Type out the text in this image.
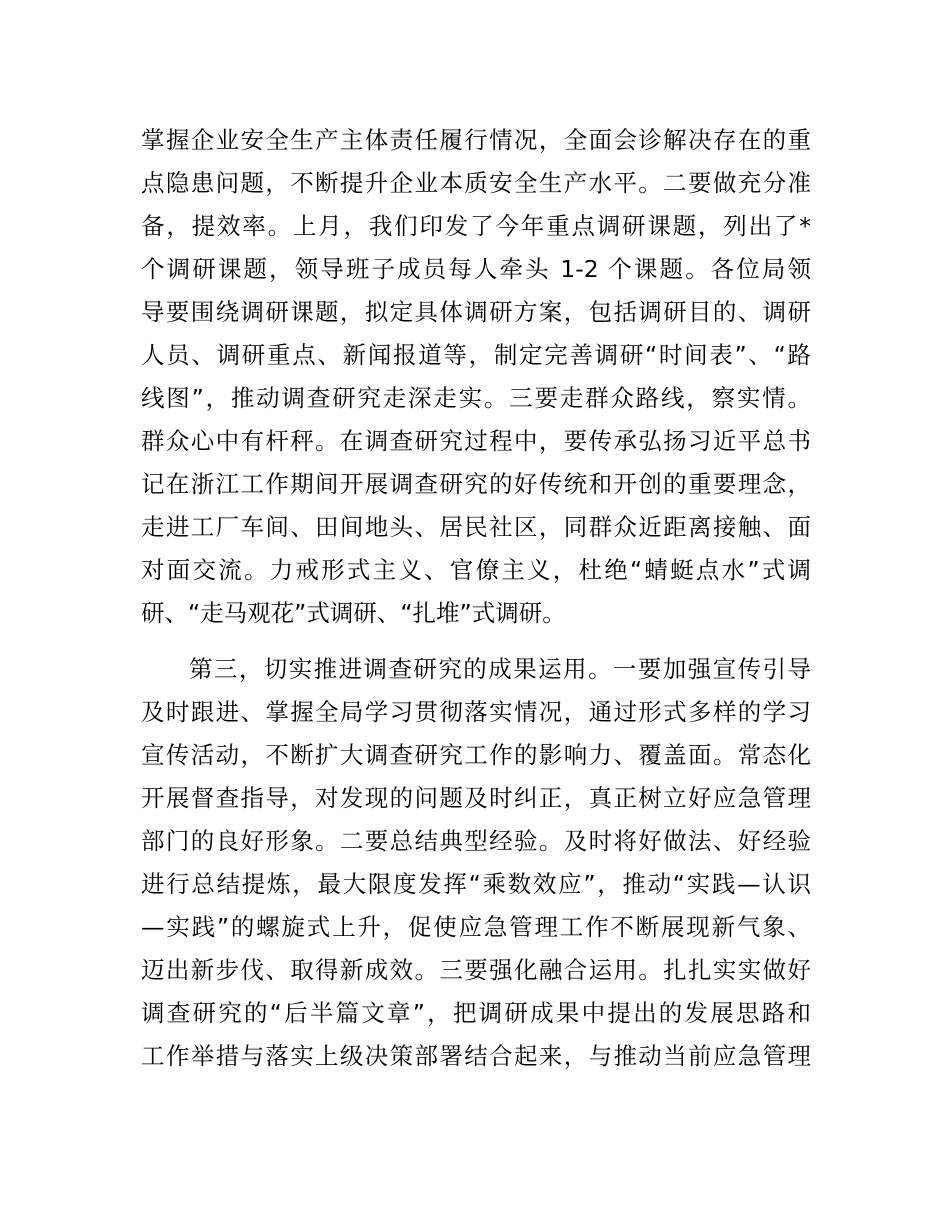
掌握企业安全生产主体责任履行情况，全面会诊解决存在的重
点隐患问题，不断提升企业本质安全生产水平。二要做充分准
备，提效率。上月，我们印发了今年重点调研课题，列出了*
个调研课题，领导班子成员每人牵头 1-2 个课题。各位局领
导要围绕调研课题，拟定具体调研方案，包括调研目的、调研
人员、调研重点、新闻报道等，制定完善调研“时间表”、“路
线图”，推动调查研究走深走实。三要走群众路线，察实情。
群众心中有杆秤。在调查研究过程中，要传承弘扬习近平总书
记在浙江工作期间开展调查研究的好传统和开创的重要理念，
走进工厂车间、田间地头、居民社区，同群众近距离接触、面
对面交流。力戒形式主义、官僚主义，杜绝“蜻蜓点水”式调
研、“走马观花”式调研、“扎堆”式调研。
第三，切实推进调查研究的成果运用。一要加强宣传引导
及时跟进、掌握全局学习贯彻落实情况，通过形式多样的学习
宣传活动，不断扩大调查研究工作的影响力、覆盖面。常态化
开展督查指导，对发现的问题及时纠正，真正树立好应急管理
部门的良好形象。二要总结典型经验。及时将好做法、好经验
进行总结提炼，最大限度发挥“乘数效应”，推动“实践—认识
—实践”的螺旋式上升，促使应急管理工作不断展现新气象、
迈出新步伐、取得新成效。三要强化融合运用。扎扎实实做好
调查研究的“后半篇文章”，把调研成果中提出的发展思路和
工作举措与落实上级决策部署结合起来，与推动当前应急管理
